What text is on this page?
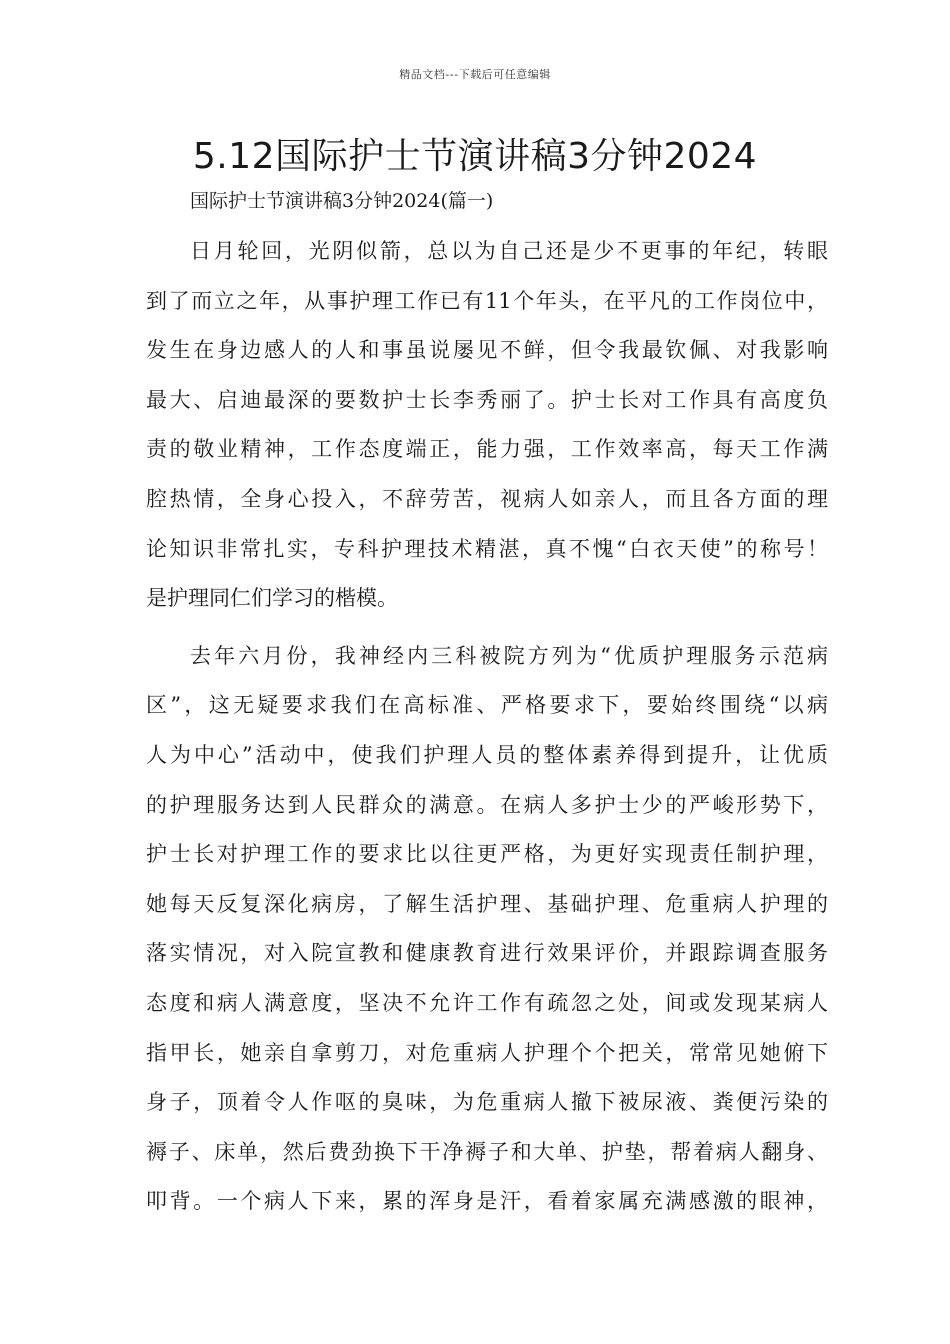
精品文档---下载后可任意编辑
5.12国际护士节演讲稿3分钟2024

国际护士节演讲稿3分钟2024(篇一)

日月轮回，光阴似箭，总以为自己还是少不更事的年纪，转眼
到了而立之年，从事护理工作已有11个年头，在平凡的工作岗位中，
发生在身边感人的人和事虽说屡见不鲜，但令我最钦佩、对我影响
最大、启迪最深的要数护士长李秀丽了。护士长对工作具有高度负
责的敬业精神，工作态度端正，能力强，工作效率高，每天工作满
腔热情，全身心投入，不辞劳苦，视病人如亲人，而且各方面的理
论知识非常扎实，专科护理技术精湛，真不愧“白衣天使”的称号！
是护理同仁们学习的楷模。
去年六月份，我神经内三科被院方列为“优质护理服务示范病
区”，这无疑要求我们在高标准、严格要求下，要始终围绕“以病
人为中心”活动中，使我们护理人员的整体素养得到提升，让优质
的护理服务达到人民群众的满意。在病人多护士少的严峻形势下，
护士长对护理工作的要求比以往更严格，为更好实现责任制护理，
她每天反复深化病房，了解生活护理、基础护理、危重病人护理的
落实情况，对入院宣教和健康教育进行效果评价，并跟踪调查服务
态度和病人满意度，坚决不允许工作有疏忽之处，间或发现某病人
指甲长，她亲自拿剪刀，对危重病人护理个个把关，常常见她俯下
身子，顶着令人作呕的臭味，为危重病人撤下被尿液、粪便污染的
褥子、床单，然后费劲换下干净褥子和大单、护垫，帮着病人翻身、
叩背。一个病人下来，累的浑身是汗，看着家属充满感激的眼神，
